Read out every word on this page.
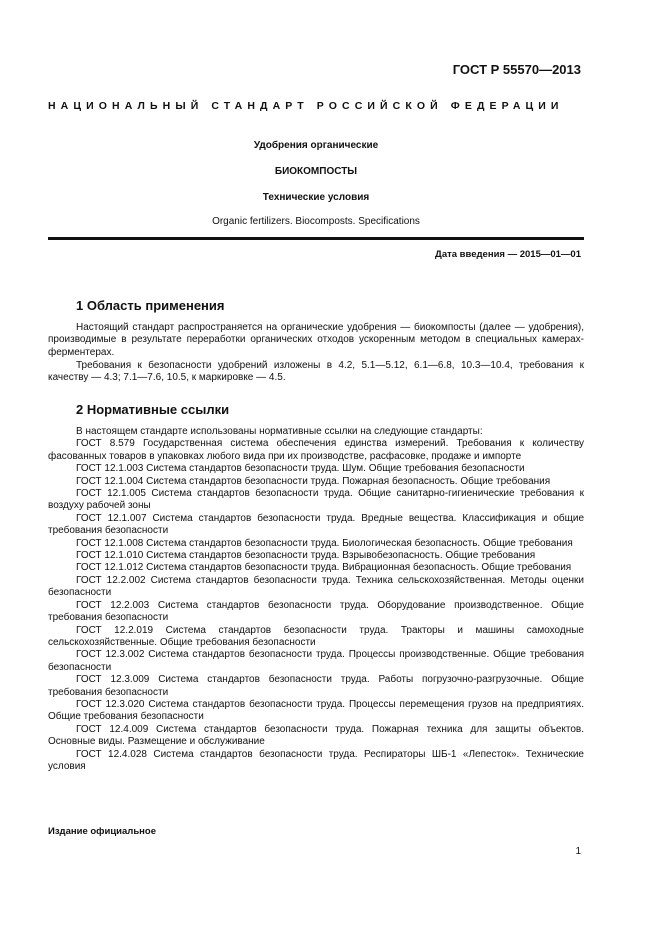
ГОСТ Р 55570—2013
НАЦИОНАЛЬНЫЙ СТАНДАРТ РОССИЙСКОЙ ФЕДЕРАЦИИ
Удобрения органические
БИОКОМПОСТЫ
Технические условия
Organic fertilizers. Biocomposts. Specifications
Дата введения — 2015—01—01
1 Область применения
Настоящий стандарт распространяется на органические удобрения — биокомпосты (далее — удобрения), производимые в результате переработки органических отходов ускоренным методом в специальных камерах-ферментерах.
Требования к безопасности удобрений изложены в 4.2, 5.1—5.12, 6.1—6.8, 10.3—10.4, требования к качеству — 4.3; 7.1—7.6, 10.5, к маркировке — 4.5.
2 Нормативные ссылки
В настоящем стандарте использованы нормативные ссылки на следующие стандарты:
ГОСТ 8.579 Государственная система обеспечения единства измерений. Требования к количеству фасованных товаров в упаковках любого вида при их производстве, расфасовке, продаже и импорте
ГОСТ 12.1.003 Система стандартов безопасности труда. Шум. Общие требования безопасности
ГОСТ 12.1.004 Система стандартов безопасности труда. Пожарная безопасность. Общие требования
ГОСТ 12.1.005 Система стандартов безопасности труда. Общие санитарно-гигиенические требования к воздуху рабочей зоны
ГОСТ 12.1.007 Система стандартов безопасности труда. Вредные вещества. Классификация и общие требования безопасности
ГОСТ 12.1.008 Система стандартов безопасности труда. Биологическая безопасность. Общие требования
ГОСТ 12.1.010 Система стандартов безопасности труда. Взрывобезопасность. Общие требования
ГОСТ 12.1.012 Система стандартов безопасности труда. Вибрационная безопасность. Общие требования
ГОСТ 12.2.002 Система стандартов безопасности труда. Техника сельскохозяйственная. Методы оценки безопасности
ГОСТ 12.2.003 Система стандартов безопасности труда. Оборудование производственное. Общие требования безопасности
ГОСТ 12.2.019 Система стандартов безопасности труда. Тракторы и машины самоходные сельскохозяйственные. Общие требования безопасности
ГОСТ 12.3.002 Система стандартов безопасности труда. Процессы производственные. Общие требования безопасности
ГОСТ 12.3.009 Система стандартов безопасности труда. Работы погрузочно-разгрузочные. Общие требования безопасности
ГОСТ 12.3.020 Система стандартов безопасности труда. Процессы перемещения грузов на предприятиях. Общие требования безопасности
ГОСТ 12.4.009 Система стандартов безопасности труда. Пожарная техника для защиты объектов. Основные виды. Размещение и обслуживание
ГОСТ 12.4.028 Система стандартов безопасности труда. Респираторы ШБ-1 «Лепесток». Технические условия
Издание официальное
1
